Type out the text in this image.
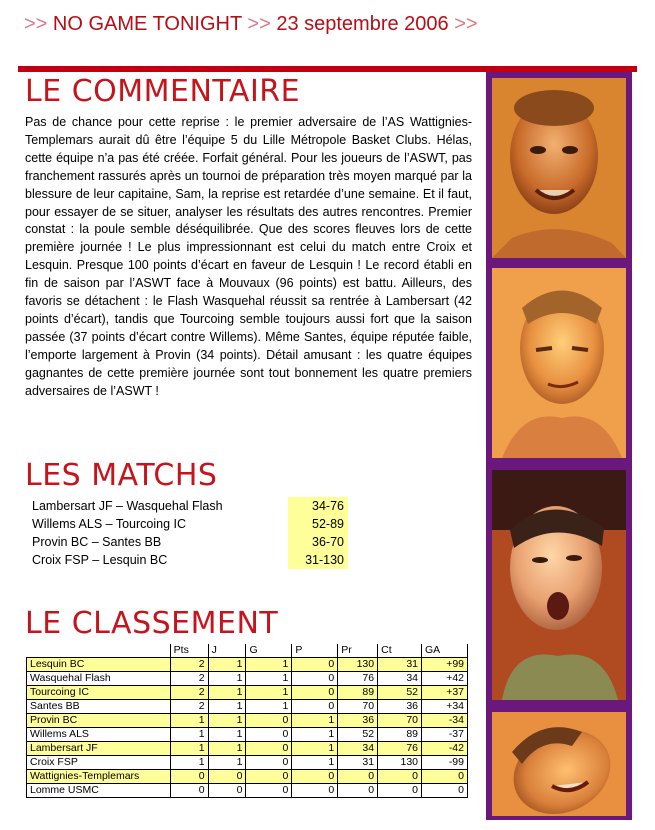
>> NO GAME TONIGHT >> 23 septembre 2006 >>
LE COMMENTAIRE
Pas de chance pour cette reprise : le premier adversaire de l’AS Wattignies-Templemars aurait dû être l’équipe 5 du Lille Métropole Basket Clubs. Hélas, cette équipe n’a pas été créée. Forfait général. Pour les joueurs de l’ASWT, pas franchement rassurés après un tournoi de préparation très moyen marqué par la blessure de leur capitaine, Sam, la reprise est retardée d’une semaine. Et il faut, pour essayer de se situer, analyser les résultats des autres rencontres. Premier constat : la poule semble déséquilibrée. Que des scores fleuves lors de cette première journée ! Le plus impressionnant est celui du match entre Croix et Lesquin. Presque 100 points d’écart en faveur de Lesquin ! Le record établi en fin de saison par l’ASWT face à Mouvaux (96 points) est battu. Ailleurs, des favoris se détachent : le Flash Wasquehal réussit sa rentrée à Lambersart (42 points d’écart), tandis que Tourcoing semble toujours aussi fort que la saison passée (37 points d’écart contre Willems). Même Santes, équipe réputée faible, l’emporte largement à Provin (34 points). Détail amusant : les quatre équipes gagnantes de cette première journée sont tout bonnement les quatre premiers adversaires de l’ASWT !
LES MATCHS
Lambersart JF – Wasquehal Flash	34-76
Willems ALS – Tourcoing IC	52-89
Provin BC – Santes BB	36-70
Croix FSP – Lesquin BC	31-130
LE CLASSEMENT
	Pts	J	G	P	Pr	Ct	GA
Lesquin BC	2	1	1	0	130	31	+99
Wasquehal Flash	2	1	1	0	76	34	+42
Tourcoing IC	2	1	1	0	89	52	+37
Santes BB	2	1	1	0	70	36	+34
Provin BC	1	1	0	1	36	70	-34
Willems ALS	1	1	0	1	52	89	-37
Lambersart JF	1	1	0	1	34	76	-42
Croix FSP	1	1	0	1	31	130	-99
Wattignies-Templemars	0	0	0	0	0	0	0
Lomme USMC	0	0	0	0	0	0	0
